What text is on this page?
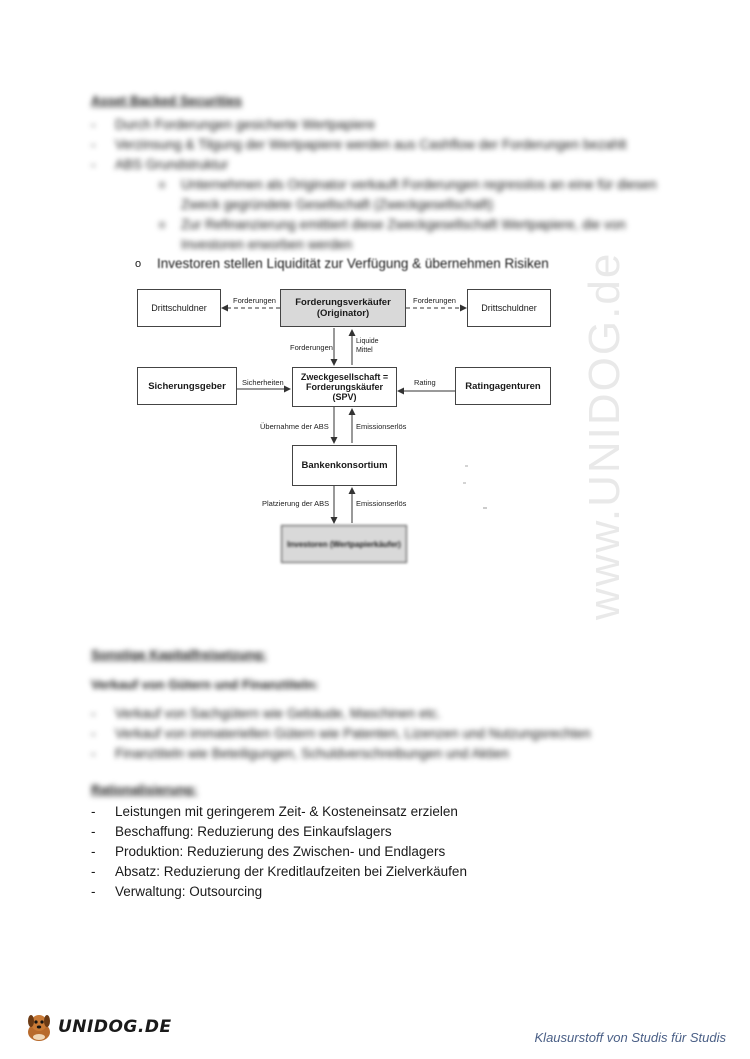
www.UNIDOG.de
Asset Backed Securities
- Durch Forderungen gesicherte Wertpapiere
- Verzinsung & Tilgung der Wertpapiere werden aus Cashflow der Forderungen bezahlt
- ABS Grundstruktur
o Unternehmen als Originator verkauft Forderungen regresslos an eine für diesen Zweck gegründete Gesellschaft (Zweckgesellschaft)
o Zur Refinanzierung emittiert diese Zweckgesellschaft Wertpapiere, die von Investoren erworben werden
o	Investoren stellen Liquidität zur Verfügung & übernehmen Risiken
Drittschuldner	Forderungsverkäufer (Originator)
Drittschuldner
Sicherungsgeber
Zweckgesellschaft = Forderungskäufer (SPV)
Ratingagenturen
Bankenkonsortium
Investoren (Wertpapierkäufer)
Forderungen	Forderungen
Forderungen
Liquide Mittel
Sicherheiten	Rating
Übernahme der ABS	Emissionserlös
Platzierung der ABS	Emissionserlös
Sonstige Kapitalfreisetzung:
Verkauf von Gütern und Finanztiteln:
- Verkauf von Sachgütern wie Gebäude, Maschinen etc.
- Verkauf von immateriellen Gütern wie Patenten, Lizenzen und Nutzungsrechten
- Finanztiteln wie Beteiligungen, Schuldverschreibungen und Aktien
Rationalisierung:
- Leistungen mit geringerem Zeit- & Kosteneinsatz erzielen
- Beschaffung: Reduzierung des Einkaufslagers
- Produktion: Reduzierung des Zwischen- und Endlagers
- Absatz: Reduzierung der Kreditlaufzeiten bei Zielverkäufen
- Verwaltung: Outsourcing
UNIDOG.DE
Klausurstoff von Studis für Studis
